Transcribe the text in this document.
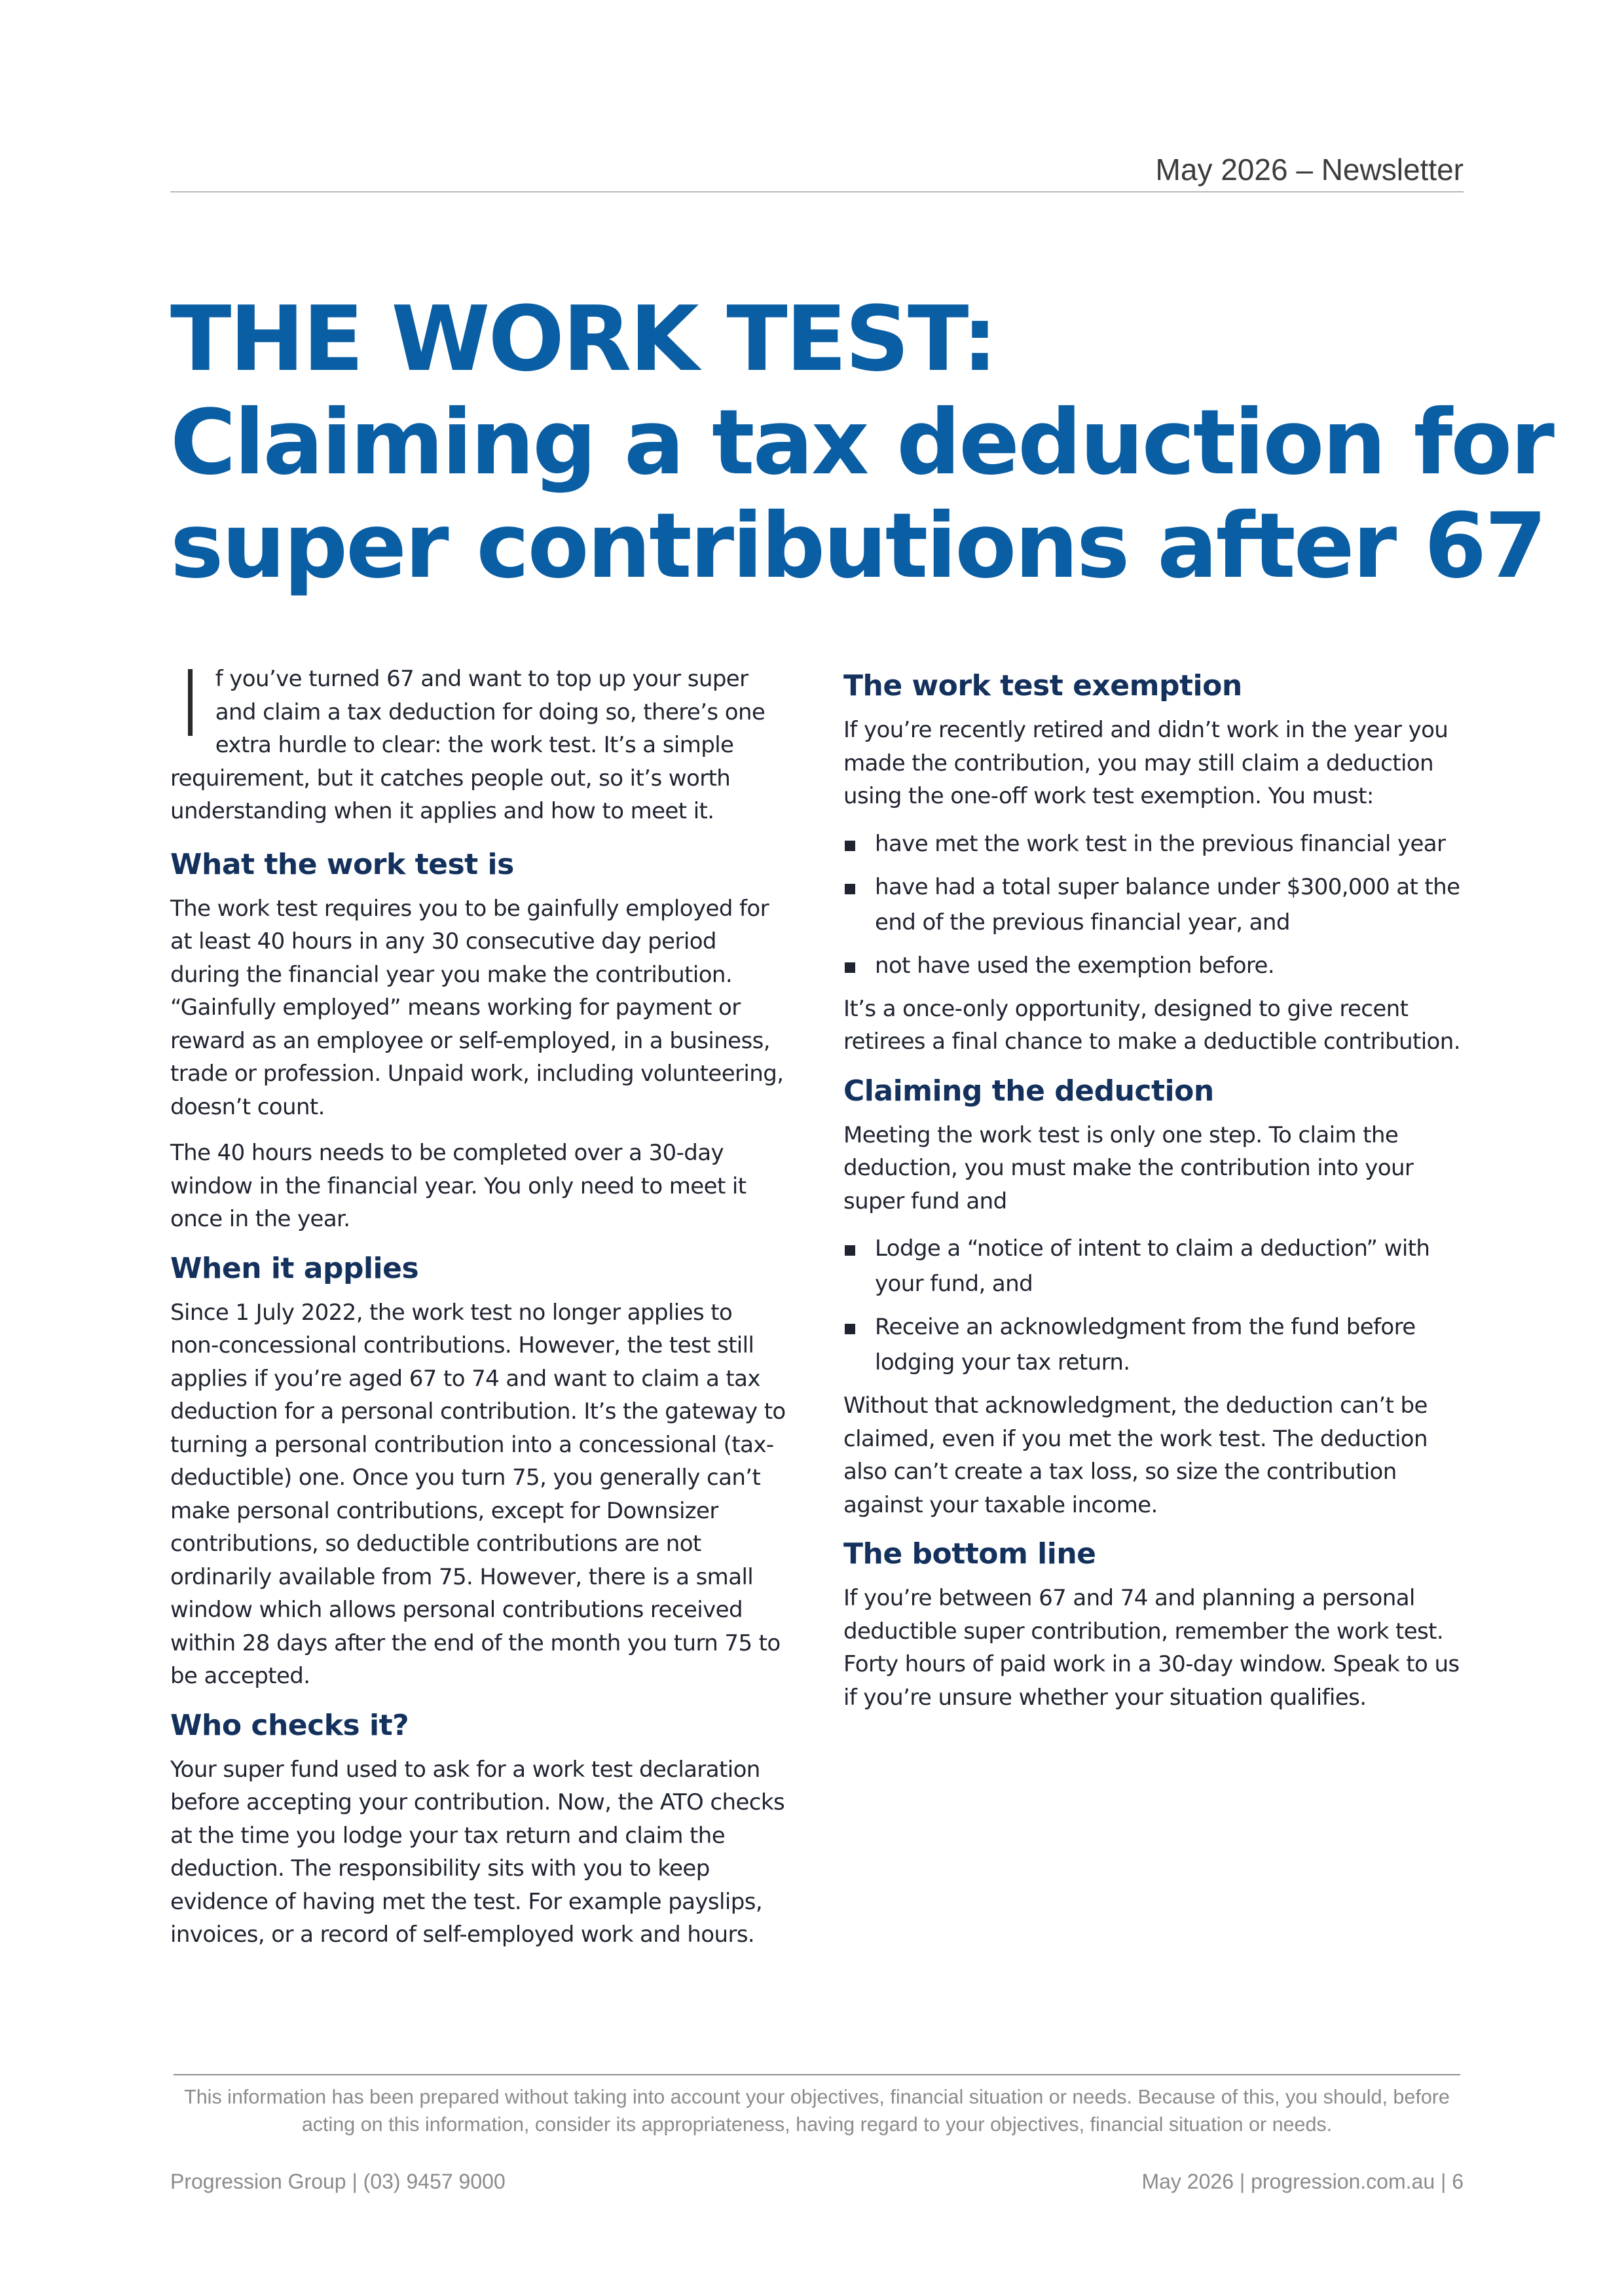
May 2026 – Newsletter
THE WORK TEST:
Claiming a tax deduction for
super contributions after 67

If you’ve turned 67 and want to top up your super and claim a tax deduction for doing so, there’s one extra hurdle to clear: the work test. It’s a simple requirement, but it catches people out, so it’s worth understanding when it applies and how to meet it.

What the work test is

The work test requires you to be gainfully employed for at least 40 hours in any 30 consecutive day period during the financial year you make the contribution. “Gainfully employed” means working for payment or reward as an employee or self-employed, in a business, trade or profession. Unpaid work, including volunteering, doesn’t count.

The 40 hours needs to be completed over a 30-day window in the financial year. You only need to meet it once in the year.

When it applies

Since 1 July 2022, the work test no longer applies to non-concessional contributions. However, the test still applies if you’re aged 67 to 74 and want to claim a tax deduction for a personal contribution. It’s the gateway to turning a personal contribution into a concessional (tax-deductible) one. Once you turn 75, you generally can’t make personal contributions, except for Downsizer contributions, so deductible contributions are not ordinarily available from 75. However, there is a small window which allows personal contributions received within 28 days after the end of the month you turn 75 to be accepted.

Who checks it?

Your super fund used to ask for a work test declaration before accepting your contribution. Now, the ATO checks at the time you lodge your tax return and claim the deduction. The responsibility sits with you to keep evidence of having met the test. For example payslips, invoices, or a record of self-employed work and hours.

The work test exemption

If you’re recently retired and didn’t work in the year you made the contribution, you may still claim a deduction using the one-off work test exemption. You must:

have met the work test in the previous financial year
have had a total super balance under $300,000 at the end of the previous financial year, and
not have used the exemption before.

It’s a once-only opportunity, designed to give recent retirees a final chance to make a deductible contribution.

Claiming the deduction

Meeting the work test is only one step. To claim the deduction, you must make the contribution into your super fund and

Lodge a “notice of intent to claim a deduction” with your fund, and
Receive an acknowledgment from the fund before lodging your tax return.

Without that acknowledgment, the deduction can’t be claimed, even if you met the work test. The deduction also can’t create a tax loss, so size the contribution against your taxable income.

The bottom line

If you’re between 67 and 74 and planning a personal deductible super contribution, remember the work test. Forty hours of paid work in a 30-day window. Speak to us if you’re unsure whether your situation qualifies.

This information has been prepared without taking into account your objectives, financial situation or needs. Because of this, you should, before acting on this information, consider its appropriateness, having regard to your objectives, financial situation or needs.
Progression Group | (03) 9457 9000	May 2026 | progression.com.au | 6
